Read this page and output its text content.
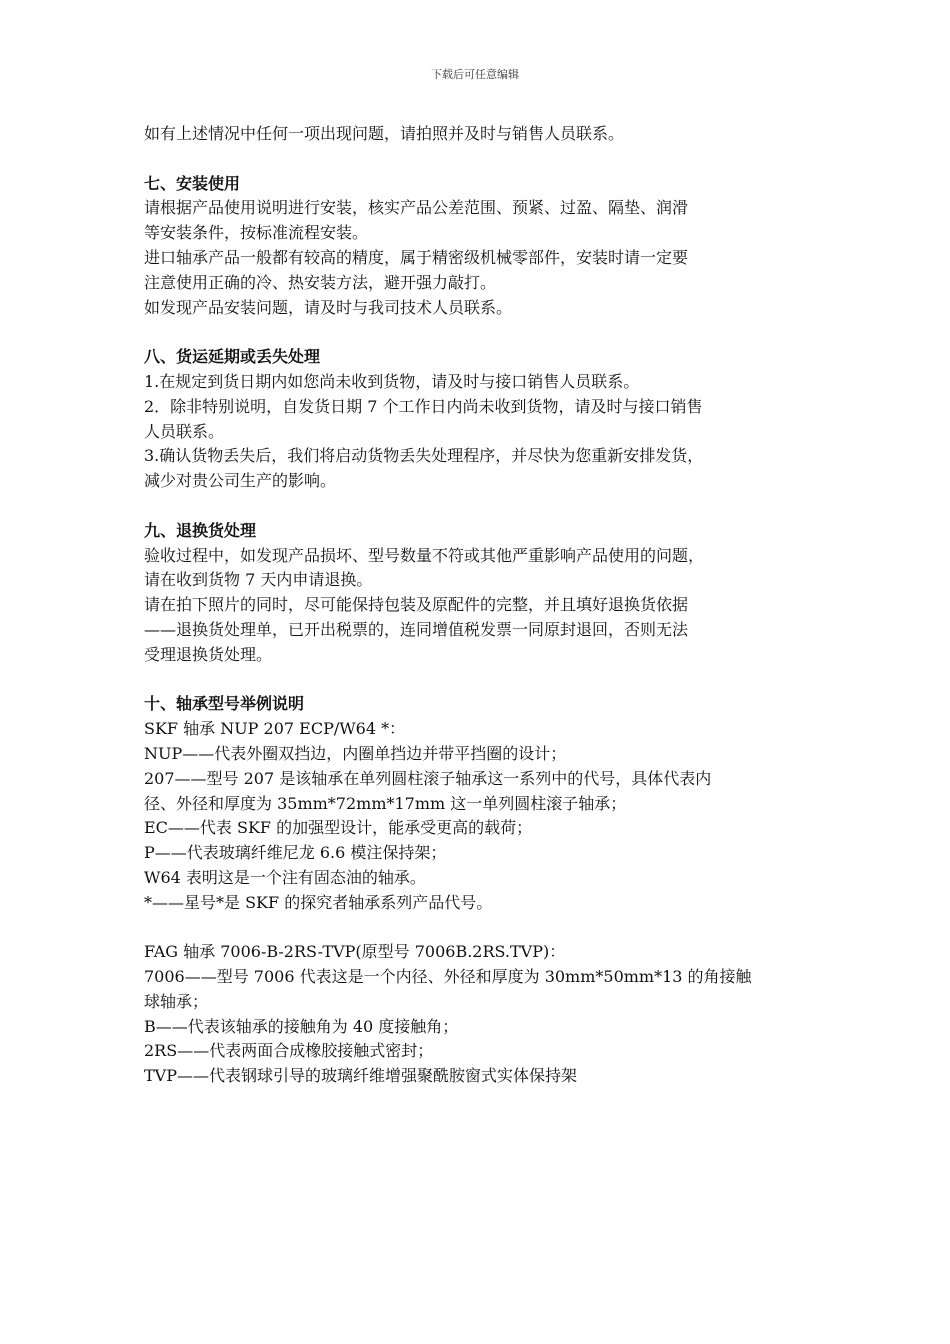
下载后可任意编辑
如有上述情况中任何一项出现问题，请拍照并及时与销售人员联系。
七、安装使用
请根据产品使用说明进行安装，核实产品公差范围、预紧、过盈、隔垫、润滑
等安装条件，按标准流程安装。
进口轴承产品一般都有较高的精度，属于精密级机械零部件，安装时请一定要
注意使用正确的冷、热安装方法，避开强力敲打。
如发现产品安装问题，请及时与我司技术人员联系。
八、货运延期或丢失处理
1.在规定到货日期内如您尚未收到货物，请及时与接口销售人员联系。
2．除非特别说明，自发货日期 7 个工作日内尚未收到货物，请及时与接口销售
人员联系。
3.确认货物丢失后，我们将启动货物丢失处理程序，并尽快为您重新安排发货，
减少对贵公司生产的影响。
九、退换货处理
验收过程中，如发现产品损坏、型号数量不符或其他严重影响产品使用的问题，
请在收到货物 7 天内申请退换。
请在拍下照片的同时，尽可能保持包装及原配件的完整，并且填好退换货依据
——退换货处理单，已开出税票的，连同增值税发票一同原封退回，否则无法
受理退换货处理。
十、轴承型号举例说明
SKF 轴承 NUP 207 ECP/W64 *：
NUP——代表外圈双挡边，内圈单挡边并带平挡圈的设计；
207——型号 207 是该轴承在单列圆柱滚子轴承这一系列中的代号，具体代表内
径、外径和厚度为 35mm*72mm*17mm 这一单列圆柱滚子轴承；
EC——代表 SKF 的加强型设计，能承受更高的载荷；
P——代表玻璃纤维尼龙 6.6 模注保持架；
W64 表明这是一个注有固态油的轴承。
*——星号*是 SKF 的探究者轴承系列产品代号。
FAG 轴承 7006-B-2RS-TVP(原型号 7006B.2RS.TVP)：
7006——型号 7006 代表这是一个内径、外径和厚度为 30mm*50mm*13 的角接触
球轴承；
B——代表该轴承的接触角为 40 度接触角；
2RS——代表两面合成橡胶接触式密封；
TVP——代表钢球引导的玻璃纤维增强聚酰胺窗式实体保持架
